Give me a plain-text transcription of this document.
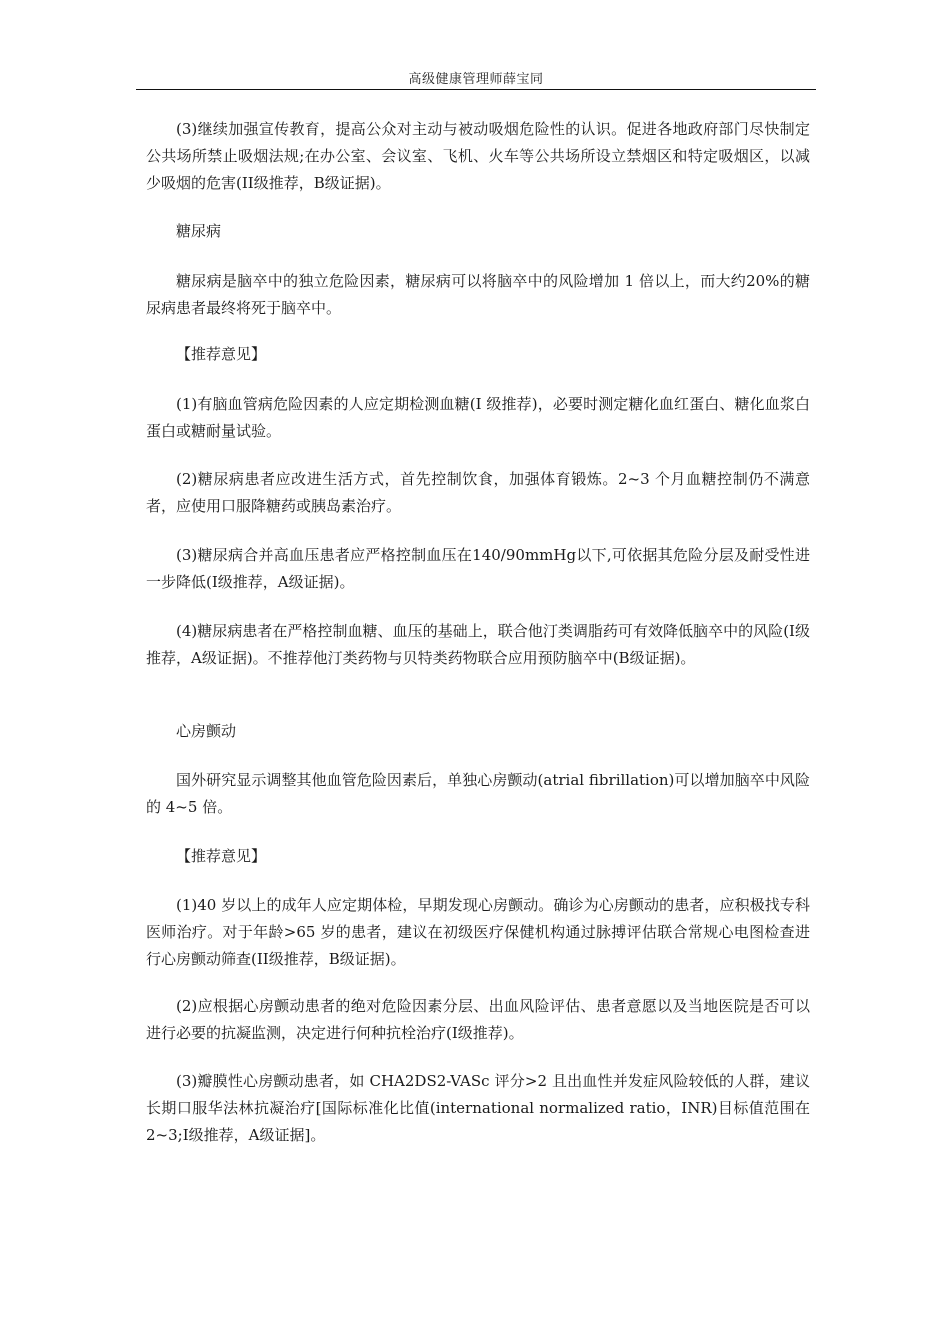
高级健康管理师薛宝同
(3)继续加强宣传教育，提高公众对主动与被动吸烟危险性的认识。促进各地政府部门尽快制定公共场所禁止吸烟法规;在办公室、会议室、飞机、火车等公共场所设立禁烟区和特定吸烟区，以减少吸烟的危害(II级推荐，B级证据)。
糖尿病
糖尿病是脑卒中的独立危险因素，糖尿病可以将脑卒中的风险增加 1 倍以上，而大约20%的糖尿病患者最终将死于脑卒中。
【推荐意见】
(1)有脑血管病危险因素的人应定期检测血糖(I 级推荐)，必要时测定糖化血红蛋白、糖化血浆白蛋白或糖耐量试验。
(2)糖尿病患者应改进生活方式，首先控制饮食，加强体育锻炼。2~3 个月血糖控制仍不满意者，应使用口服降糖药或胰岛素治疗。
(3)糖尿病合并高血压患者应严格控制血压在140/90mmHg以下,可依据其危险分层及耐受性进一步降低(I级推荐，A级证据)。
(4)糖尿病患者在严格控制血糖、血压的基础上，联合他汀类调脂药可有效降低脑卒中的风险(I级推荐，A级证据)。不推荐他汀类药物与贝特类药物联合应用预防脑卒中(B级证据)。
心房颤动
国外研究显示调整其他血管危险因素后，单独心房颤动(atrial fibrillation)可以增加脑卒中风险的 4~5 倍。
【推荐意见】
(1)40 岁以上的成年人应定期体检，早期发现心房颤动。确诊为心房颤动的患者，应积极找专科医师治疗。对于年龄>65 岁的患者，建议在初级医疗保健机构通过脉搏评估联合常规心电图检查进行心房颤动筛查(II级推荐，B级证据)。
(2)应根据心房颤动患者的绝对危险因素分层、出血风险评估、患者意愿以及当地医院是否可以进行必要的抗凝监测，决定进行何种抗栓治疗(I级推荐)。
(3)瓣膜性心房颤动患者，如 CHA2DS2-VASc 评分>2 且出血性并发症风险较低的人群，建议长期口服华法林抗凝治疗[国际标准化比值(international normalized ratio，INR)目标值范围在 2~3;I级推荐，A级证据]。
